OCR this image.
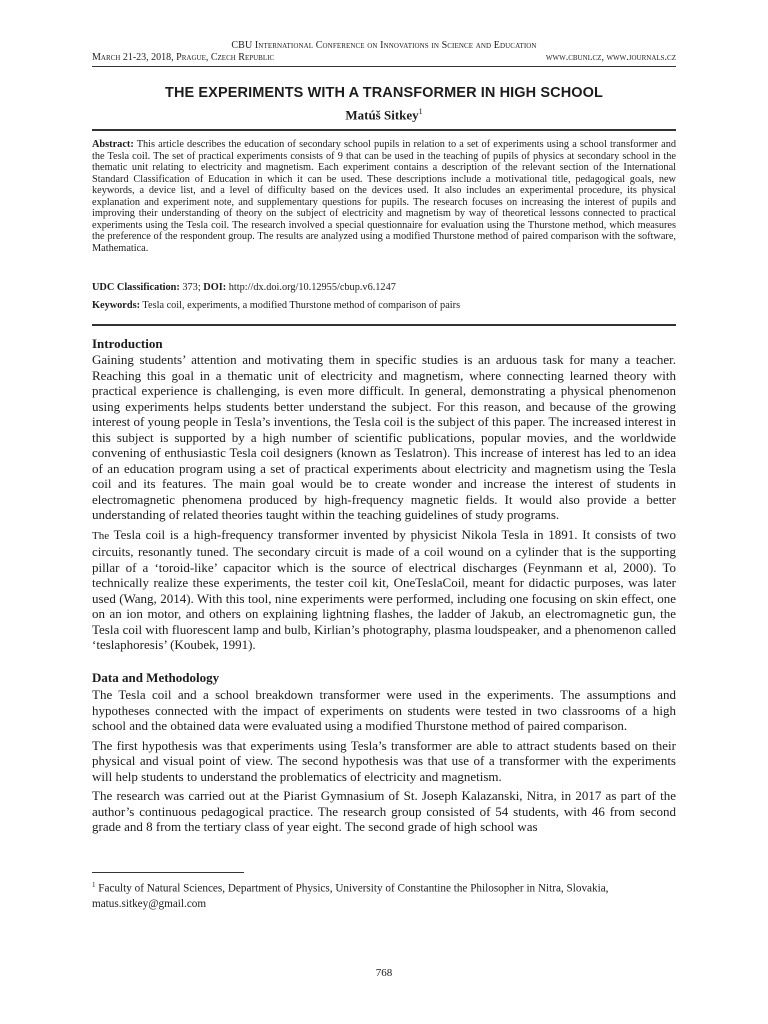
CBU International Conference on Innovations in Science and Education
March 21-23, 2018, Prague, Czech Republic	www.cbuni.cz, www.journals.cz
THE EXPERIMENTS WITH A TRANSFORMER IN HIGH SCHOOL
Matúš Sitkey$^1$
Abstract: This article describes the education of secondary school pupils in relation to a set of experiments using a school transformer and the Tesla coil. The set of practical experiments consists of 9 that can be used in the teaching of pupils of physics at secondary school in the thematic unit relating to electricity and magnetism. Each experiment contains a description of the relevant section of the International Standard Classification of Education in which it can be used. These descriptions include a motivational title, pedagogical goals, new keywords, a device list, and a level of difficulty based on the devices used. It also includes an experimental procedure, its physical explanation and experiment note, and supplementary questions for pupils. The research focuses on increasing the interest of pupils and improving their understanding of theory on the subject of electricity and magnetism by way of theoretical lessons connected to practical experiments using the Tesla coil. The research involved a special questionnaire for evaluation using the Thurstone method, which measures the preference of the respondent group. The results are analyzed using a modified Thurstone method of paired comparison with the software, Mathematica.
UDC Classification: 373; DOI: http://dx.doi.org/10.12955/cbup.v6.1247
Keywords: Tesla coil, experiments, a modified Thurstone method of comparison of pairs
Introduction

Gaining students’ attention and motivating them in specific studies is an arduous task for many a teacher. Reaching this goal in a thematic unit of electricity and magnetism, where connecting learned theory with practical experience is challenging, is even more difficult. In general, demonstrating a physical phenomenon using experiments helps students better understand the subject. For this reason, and because of the growing interest of young people in Tesla’s inventions, the Tesla coil is the subject of this paper. The increased interest in this subject is supported by a high number of scientific publications, popular movies, and the worldwide convening of enthusiastic Tesla coil designers (known as Teslatron). This increase of interest has led to an idea of an education program using a set of practical experiments about electricity and magnetism using the Tesla coil and its features. The main goal would be to create wonder and increase the interest of students in electromagnetic phenomena produced by high-frequency magnetic fields. It would also provide a better understanding of related theories taught within the teaching guidelines of study programs.

The Tesla coil is a high-frequency transformer invented by physicist Nikola Tesla in 1891. It consists of two circuits, resonantly tuned. The secondary circuit is made of a coil wound on a cylinder that is the supporting pillar of a ‘toroid-like’ capacitor which is the source of electrical discharges (Feynmann et al, 2000). To technically realize these experiments, the tester coil kit, OneTeslaCoil, meant for didactic purposes, was later used (Wang, 2014). With this tool, nine experiments were performed, including one focusing on skin effect, one on an ion motor, and others on explaining lightning flashes, the ladder of Jakub, an electromagnetic gun, the Tesla coil with fluorescent lamp and bulb, Kirlian’s photography, plasma loudspeaker, and a phenomenon called ‘teslaphoresis’ (Koubek, 1991).

Data and Methodology

The Tesla coil and a school breakdown transformer were used in the experiments. The assumptions and hypotheses connected with the impact of experiments on students were tested in two classrooms of a high school and the obtained data were evaluated using a modified Thurstone method of paired comparison.

The first hypothesis was that experiments using Tesla’s transformer are able to attract students based on their physical and visual point of view. The second hypothesis was that use of a transformer with the experiments will help students to understand the problematics of electricity and magnetism.

The research was carried out at the Piarist Gymnasium of St. Joseph Kalazanski, Nitra, in 2017 as part of the author’s continuous pedagogical practice. The research group consisted of 54 students, with 46 from second grade and 8 from the tertiary class of year eight. The second grade of high school was

$^1$ Faculty of Natural Sciences, Department of Physics, University of Constantine the Philosopher in Nitra, Slovakia, matus.sitkey@gmail.com
768
